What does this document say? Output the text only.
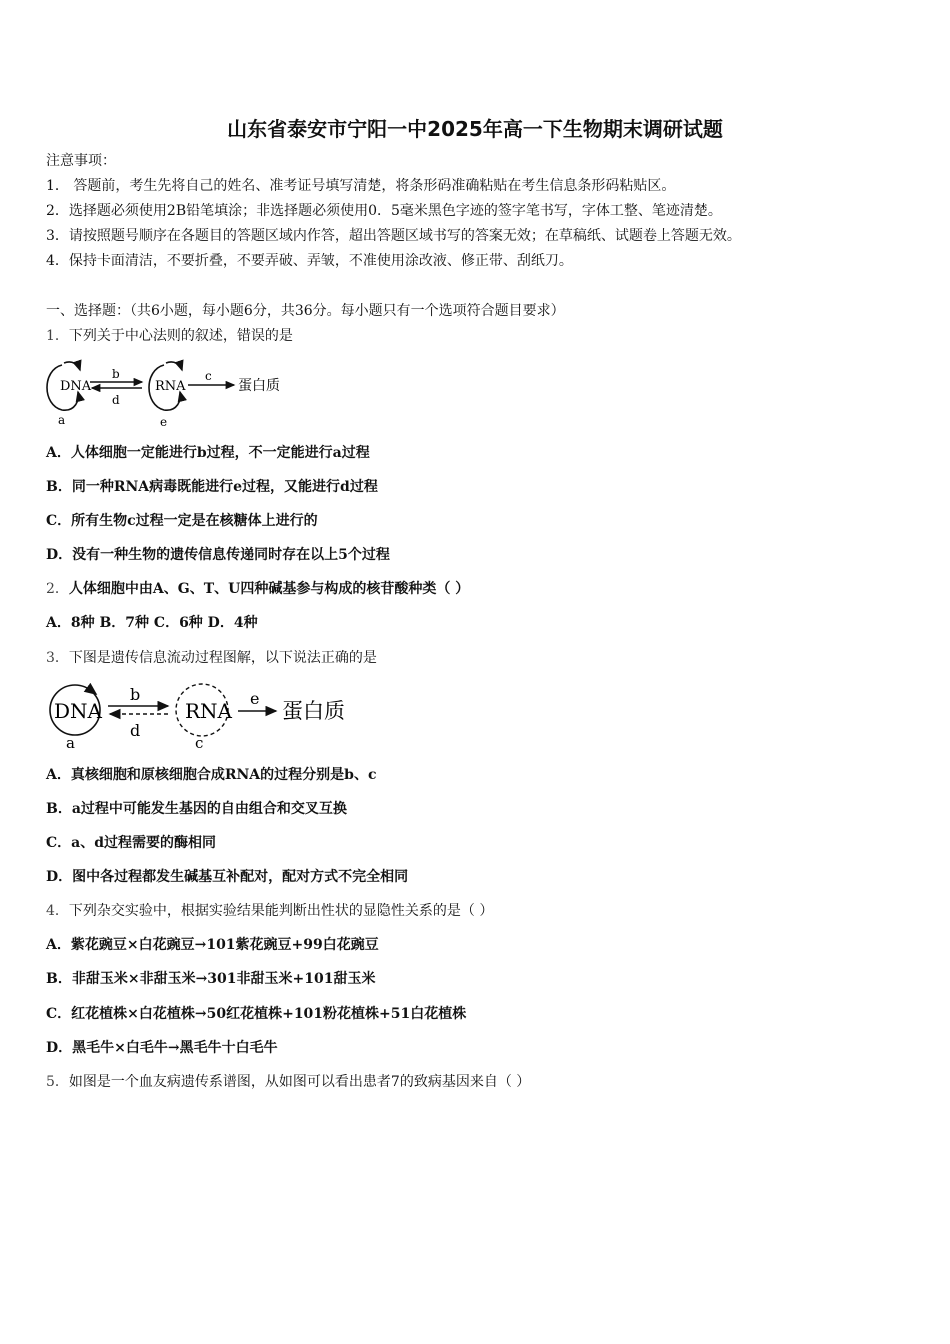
山东省泰安市宁阳一中2025年高一下生物期末调研试题
注意事项：
1． 答题前，考生先将自己的姓名、准考证号填写清楚，将条形码准确粘贴在考生信息条形码粘贴区。
2．选择题必须使用2B铅笔填涂；非选择题必须使用0．5毫米黑色字迹的签字笔书写，字体工整、笔迹清楚。
3．请按照题号顺序在各题目的答题区域内作答，超出答题区域书写的答案无效；在草稿纸、试题卷上答题无效。
4．保持卡面清洁，不要折叠，不要弄破、弄皱，不准使用涂改液、修正带、刮纸刀。
一、选择题：（共6小题，每小题6分，共36分。每小题只有一个选项符合题目要求）
1．下列关于中心法则的叙述，错误的是
DNA
b
d
a
RNA
e
c
蛋白质
A．人体细胞一定能进行b过程，不一定能进行a过程
B．同一种RNA病毒既能进行e过程，又能进行d过程
C．所有生物c过程一定是在核糖体上进行的
D．没有一种生物的遗传信息传递同时存在以上5个过程
2．人体细胞中由A、G、T、U四种碱基参与构成的核苷酸种类（ ）
A．8种 B．7种 C．6种 D．4种
3．下图是遗传信息流动过程图解，以下说法正确的是
DNA
a
b
d
RNA
c
e
蛋白质
A．真核细胞和原核细胞合成RNA的过程分别是b、c
B．a过程中可能发生基因的自由组合和交叉互换
C．a、d过程需要的酶相同
D．图中各过程都发生碱基互补配对，配对方式不完全相同
4．下列杂交实验中，根据实验结果能判断出性状的显隐性关系的是（ ）
A．紫花豌豆×白花豌豆→101紫花豌豆+99白花豌豆
B．非甜玉米×非甜玉米→301非甜玉米+101甜玉米
C．红花植株×白花植株→50红花植株+101粉花植株+51白花植株
D．黑毛牛×白毛牛→黑毛牛十白毛牛
5．如图是一个血友病遗传系谱图，从如图可以看出患者7的致病基因来自（ ）
